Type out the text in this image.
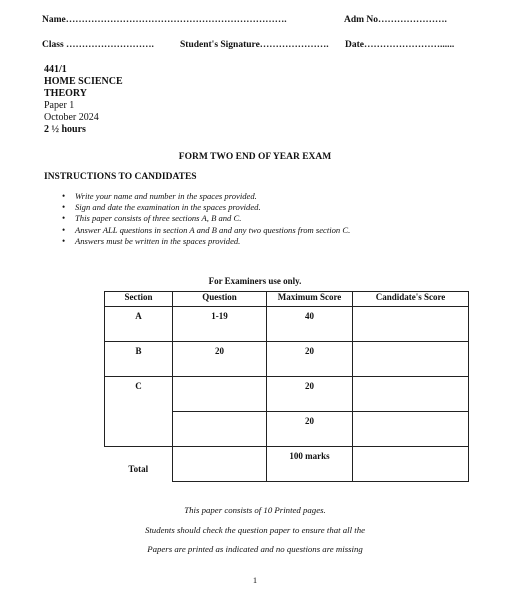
Name…………………………………………………………….	Adm No………………….
Class ……………………….	Student's Signature…………………. Date……………………......
441/1
HOME SCIENCE
THEORY
Paper 1
October 2024
2 ½ hours
FORM TWO END OF YEAR EXAM
INSTRUCTIONS TO CANDIDATES
• Write your name and number in the spaces provided.
• Sign and date the examination in the spaces provided.
• This paper consists of three sections A, B and C.
• Answer ALL questions in section A and B and any two questions from section C.
• Answers must be written in the spaces provided.
For Examiners use only.
Section	Question	Maximum Score	Candidate's Score

A	1-19	40	

B	20	20	

C		20	

		20	

Total		100 marks	

This paper consists of 10 Printed pages.
Students should check the question paper to ensure that all the
Papers are printed as indicated and no questions are missing
1
